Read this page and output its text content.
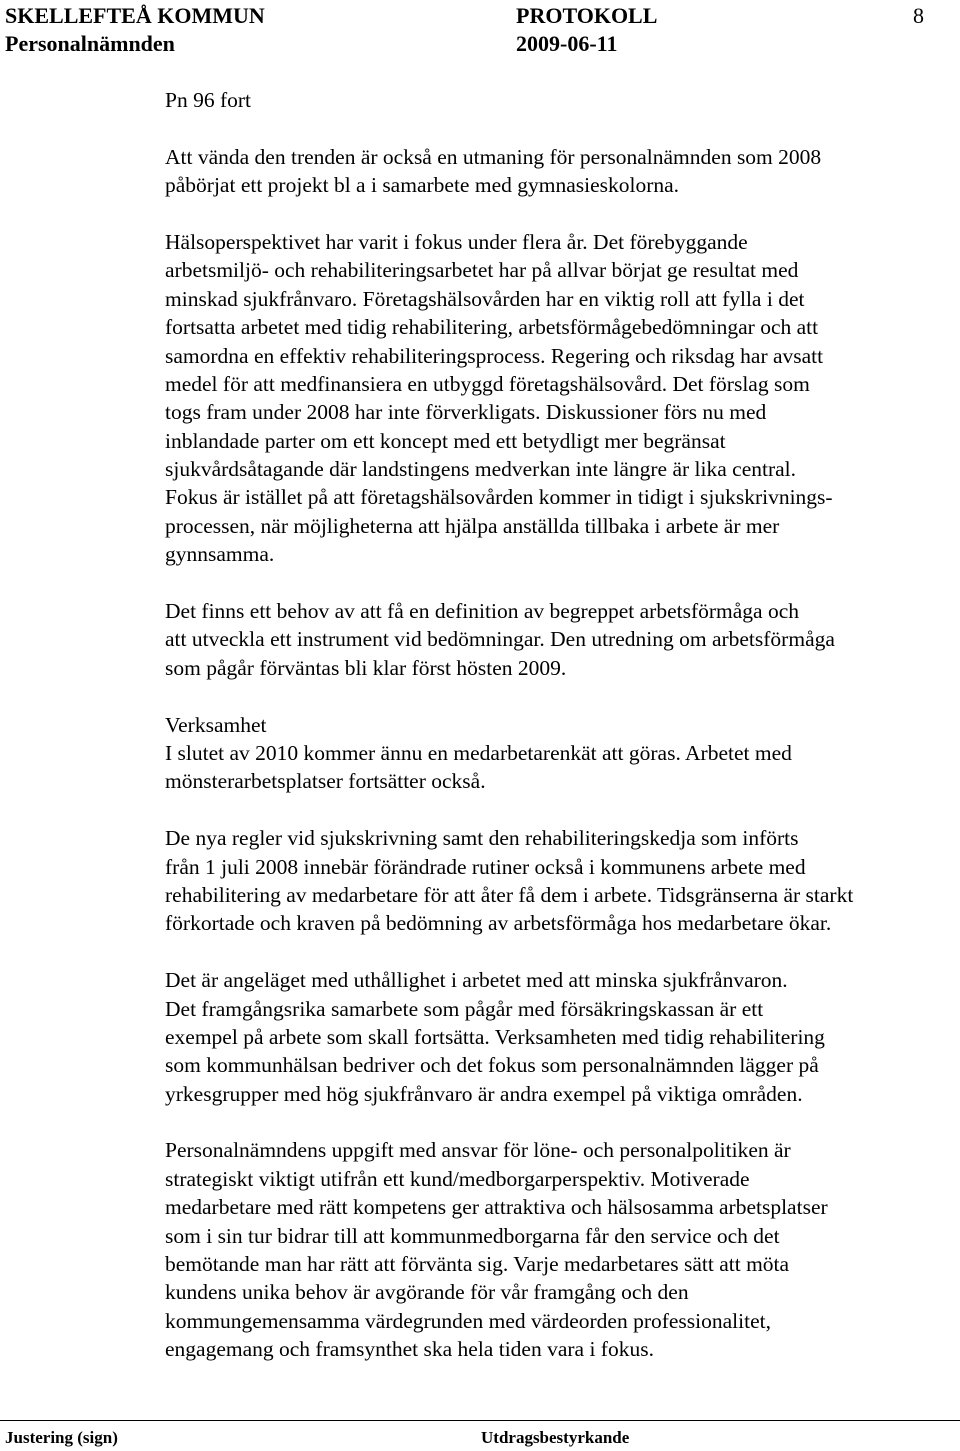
SKELLEFTEÅ KOMMUN	PROTOKOLL	8
Personalnämnden	2009-06-11
Pn 96 fort
Att vända den trenden är också en utmaning för personalnämnden som 2008
påbörjat ett projekt bl a i samarbete med gymnasieskolorna.
Hälsoperspektivet har varit i fokus under flera år. Det förebyggande
arbetsmiljö- och rehabiliteringsarbetet har på allvar börjat ge resultat med
minskad sjukfrånvaro. Företagshälsovården har en viktig roll att fylla i det
fortsatta arbetet med tidig rehabilitering, arbetsförmågebedömningar och att
samordna en effektiv rehabiliteringsprocess. Regering och riksdag har avsatt
medel för att medfinansiera en utbyggd företagshälsovård. Det förslag som
togs fram under 2008 har inte förverkligats. Diskussioner förs nu med
inblandade parter om ett koncept med ett betydligt mer begränsat
sjukvårdsåtagande där landstingens medverkan inte längre är lika central.
Fokus är istället på att företagshälsovården kommer in tidigt i sjukskrivnings-
processen, när möjligheterna att hjälpa anställda tillbaka i arbete är mer
gynnsamma.
Det finns ett behov av att få en definition av begreppet arbetsförmåga och
att utveckla ett instrument vid bedömningar. Den utredning om arbetsförmåga
som pågår förväntas bli klar först hösten 2009.
Verksamhet
I slutet av 2010 kommer ännu en medarbetarenkät att göras. Arbetet med
mönsterarbetsplatser fortsätter också.
De nya regler vid sjukskrivning samt den rehabiliteringskedja som införts
från 1 juli 2008 innebär förändrade rutiner också i kommunens arbete med
rehabilitering av medarbetare för att åter få dem i arbete. Tidsgränserna är starkt
förkortade och kraven på bedömning av arbetsförmåga hos medarbetare ökar.
Det är angeläget med uthållighet i arbetet med att minska sjukfrånvaron.
Det framgångsrika samarbete som pågår med försäkringskassan är ett
exempel på arbete som skall fortsätta. Verksamheten med tidig rehabilitering
som kommunhälsan bedriver och det fokus som personalnämnden lägger på
yrkesgrupper med hög sjukfrånvaro är andra exempel på viktiga områden.
Personalnämndens uppgift med ansvar för löne- och personalpolitiken är
strategiskt viktigt utifrån ett kund/medborgarperspektiv. Motiverade
medarbetare med rätt kompetens ger attraktiva och hälsosamma arbetsplatser
som i sin tur bidrar till att kommunmedborgarna får den service och det
bemötande man har rätt att förvänta sig. Varje medarbetares sätt att möta
kundens unika behov är avgörande för vår framgång och den
kommungemensamma värdegrunden med värdeorden professionalitet,
engagemang och framsynthet ska hela tiden vara i fokus.
Justering (sign)	Utdragsbestyrkande
